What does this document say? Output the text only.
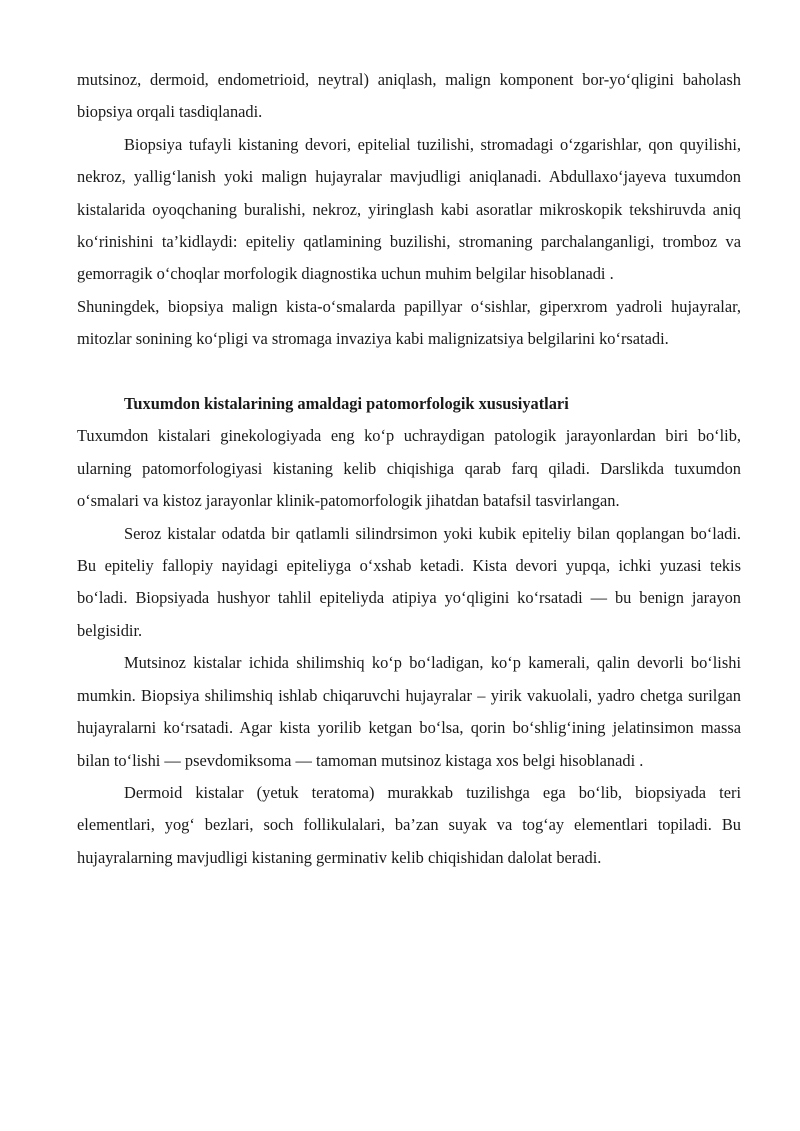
mutsinoz, dermoid, endometrioid, neytral) aniqlash, malign komponent bor-yo‘qligini baholash biopsiya orqali tasdiqlanadi.

Biopsiya tufayli kistaning devori, epitelial tuzilishi, stromadagi o‘zgarishlar, qon quyilishi, nekroz, yallig‘lanish yoki malign hujayralar mavjudligi aniqlanadi. Abdullaxo‘jayeva tuxumdon kistalarida oyoqchaning buralishi, nekroz, yiringlash kabi asoratlar mikroskopik tekshiruvda aniq ko‘rinishini ta’kidlaydi: epiteliy qatlamining buzilishi, stromaning parchalanganligi, tromboz va gemorragik o‘choqlar morfologik diagnostika uchun muhim belgilar hisoblanadi .

Shuningdek, biopsiya malign kista-o‘smalarda papillyar o‘sishlar, giperxrom yadroli hujayralar, mitozlar sonining ko‘pligi va stromaga invaziya kabi malignizatsiya belgilarini ko‘rsatadi.

Tuxumdon kistalarining amaldagi patomorfologik xususiyatlari

Tuxumdon kistalari ginekologiyada eng ko‘p uchraydigan patologik jarayonlardan biri bo‘lib, ularning patomorfologiyasi kistaning kelib chiqishiga qarab farq qiladi. Darslikda tuxumdon o‘smalari va kistoz jarayonlar klinik-patomorfologik jihatdan batafsil tasvirlangan.

Seroz kistalar odatda bir qatlamli silindrsimon yoki kubik epiteliy bilan qoplangan bo‘ladi. Bu epiteliy fallopiy nayidagi epiteliyga o‘xshab ketadi. Kista devori yupqa, ichki yuzasi tekis bo‘ladi. Biopsiyada hushyor tahlil epiteliyda atipiya yo‘qligini ko‘rsatadi — bu benign jarayon belgisidir.

Mutsinoz kistalar ichida shilimshiq ko‘p bo‘ladigan, ko‘p kamerali, qalin devorli bo‘lishi mumkin. Biopsiya shilimshiq ishlab chiqaruvchi hujayralar – yirik vakuolali, yadro chetga surilgan hujayralarni ko‘rsatadi. Agar kista yorilib ketgan bo‘lsa, qorin bo‘shlig‘ining jelatinsimon massa bilan to‘lishi — psevdomiksoma — tamoman mutsinoz kistaga xos belgi hisoblanadi .

Dermoid kistalar (yetuk teratoma) murakkab tuzilishga ega bo‘lib, biopsiyada teri elementlari, yog‘ bezlari, soch follikulalari, ba’zan suyak va tog‘ay elementlari topiladi. Bu hujayralarning mavjudligi kistaning germinativ kelib chiqishidan dalolat beradi.
